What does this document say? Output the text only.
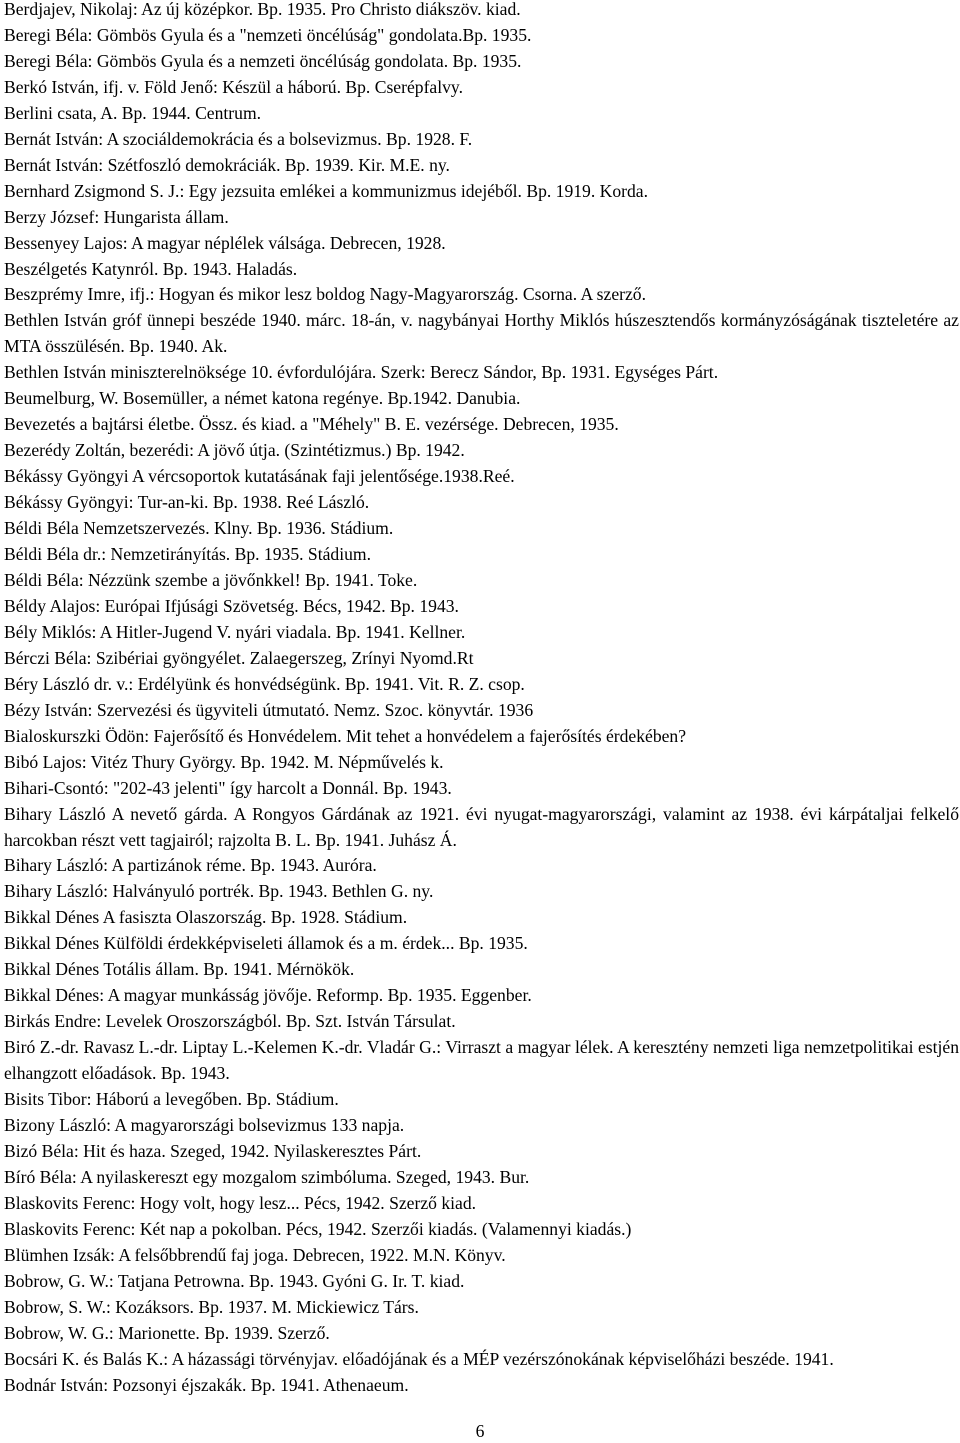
Berdjajev, Nikolaj: Az új középkor. Bp. 1935. Pro Christo diákszöv. kiad.

Beregi Béla: Gömbös Gyula és a "nemzeti öncélúság" gondolata.Bp. 1935.

Beregi Béla: Gömbös Gyula és a nemzeti öncélúság gondolata. Bp. 1935.

Berkó István, ifj. v. Föld Jenő: Készül a háború. Bp. Cserépfalvy.

Berlini csata, A. Bp. 1944. Centrum.

Bernát István: A szociáldemokrácia és a bolsevizmus. Bp. 1928. F.

Bernát István: Szétfoszló demokráciák. Bp. 1939. Kir. M.E. ny.

Bernhard Zsigmond S. J.: Egy jezsuita emlékei a kommunizmus idejéből. Bp. 1919. Korda.

Berzy József: Hungarista állam.

Bessenyey Lajos: A magyar néplélek válsága. Debrecen, 1928.

Beszélgetés Katynról. Bp. 1943. Haladás.

Beszprémy Imre, ifj.: Hogyan és mikor lesz boldog Nagy-Magyarország. Csorna. A szerző.

Bethlen István gróf ünnepi beszéde 1940. márc. 18-án, v. nagybányai Horthy Miklós húszesztendős kormányzóságának tiszteletére az MTA összülésén. Bp. 1940. Ak.

Bethlen István miniszterelnöksége 10. évfordulójára. Szerk: Berecz Sándor, Bp. 1931. Egységes Párt.

Beumelburg, W. Bosemüller, a német katona regénye. Bp.1942. Danubia.

Bevezetés a bajtársi életbe. Össz. és kiad. a "Méhely" B. E. vezérsége. Debrecen, 1935.

Bezerédy Zoltán, bezerédi: A jövő útja. (Szintétizmus.) Bp. 1942.

Békássy Gyöngyi A vércsoportok kutatásának faji jelentősége.1938.Reé.

Békássy Gyöngyi: Tur-an-ki. Bp. 1938. Reé László.

Béldi Béla Nemzetszervezés. Klny. Bp. 1936. Stádium.

Béldi Béla dr.: Nemzetirányítás. Bp. 1935. Stádium.

Béldi Béla: Nézzünk szembe a jövőnkkel! Bp. 1941. Toke.

Béldy Alajos: Európai Ifjúsági Szövetség. Bécs, 1942. Bp. 1943.

Bély Miklós: A Hitler-Jugend V. nyári viadala. Bp. 1941. Kellner.

Bérczi Béla: Szibériai gyöngyélet. Zalaegerszeg, Zrínyi Nyomd.Rt

Béry László dr. v.: Erdélyünk és honvédségünk. Bp. 1941. Vit. R. Z. csop.

Bézy István: Szervezési és ügyviteli útmutató. Nemz. Szoc. könyvtár. 1936

Bialoskurszki Ödön: Fajerősítő és Honvédelem. Mit tehet a honvédelem a fajerősítés érdekében?

Bibó Lajos: Vitéz Thury György. Bp. 1942. M. Népművelés k.

Bihari-Csontó: "202-43 jelenti" így harcolt a Donnál. Bp. 1943.

Bihary László A nevető gárda. A Rongyos Gárdának az 1921. évi nyugat-magyarországi, valamint az 1938. évi kárpátaljai felkelő harcokban részt vett tagjairól; rajzolta B. L. Bp. 1941. Juhász Á.

Bihary László: A partizánok réme. Bp. 1943. Auróra.

Bihary László: Halványuló portrék. Bp. 1943. Bethlen G. ny.

Bikkal Dénes A fasiszta Olaszország. Bp. 1928. Stádium.

Bikkal Dénes Külföldi érdekképviseleti államok és a m. érdek... Bp. 1935.

Bikkal Dénes Totális állam. Bp. 1941. Mérnökök.

Bikkal Dénes: A magyar munkásság jövője. Reformp. Bp. 1935. Eggenber.

Birkás Endre: Levelek Oroszországból. Bp. Szt. István Társulat.

Biró Z.-dr. Ravasz L.-dr. Liptay L.-Kelemen K.-dr. Vladár G.: Virraszt a magyar lélek. A keresztény nemzeti liga nemzetpolitikai estjén elhangzott előadások. Bp. 1943.

Bisits Tibor: Háború a levegőben. Bp. Stádium.

Bizony László: A magyarországi bolsevizmus 133 napja.

Bizó Béla: Hit és haza. Szeged, 1942. Nyilaskeresztes Párt.

Bíró Béla: A nyilaskereszt egy mozgalom szimbóluma. Szeged, 1943. Bur.

Blaskovits Ferenc: Hogy volt, hogy lesz... Pécs, 1942. Szerző kiad.

Blaskovits Ferenc: Két nap a pokolban. Pécs, 1942. Szerzői kiadás. (Valamennyi kiadás.)

Blümhen Izsák: A felsőbbrendű faj joga. Debrecen, 1922. M.N. Könyv.

Bobrow, G. W.: Tatjana Petrowna. Bp. 1943. Gyóni G. Ir. T. kiad.

Bobrow, S. W.: Kozáksors. Bp. 1937. M. Mickiewicz Társ.

Bobrow, W. G.: Marionette. Bp. 1939. Szerző.

Bocsári K. és Balás K.: A házassági törvényjav. előadójának és a MÉP vezérszónokának képviselőházi beszéde. 1941.

Bodnár István: Pozsonyi éjszakák. Bp. 1941. Athenaeum.

6
